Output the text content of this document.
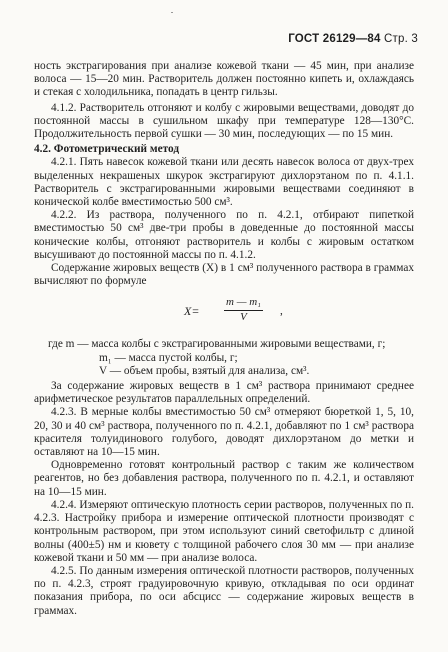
ГОСТ 26129—84 Стр. 3

ность экстрагирования при анализе кожевой ткани — 45 мин, при анализе волоса — 15—20 мин. Растворитель должен постоянно кипеть и, охлаждаясь и стекая с холодильника, попадать в центр гильзы.

4.1.2. Растворитель отгоняют и колбу с жировыми веществами, доводят до постоянной массы в сушильном шкафу при температуре 128—130°С. Продолжительность первой сушки — 30 мин, последующих — по 15 мин.

4.2. Фотометрический метод

4.2.1. Пять навесок кожевой ткани или десять навесок волоса от двух-трех выделенных некрашеных шкурок экстрагируют дихлорэтаном по п. 4.1.1. Растворитель с экстрагированными жировыми веществами соединяют в конической колбе вместимостью 500 см³.

4.2.2. Из раствора, полученного по п. 4.2.1, отбирают пипеткой вместимостью 50 см³ две-три пробы в доведенные до постоянной массы конические колбы, отгоняют растворитель и колбы с жировым остатком высушивают до постоянной массы по п. 4.1.2.

Содержание жировых веществ (X) в 1 см³ полученного раствора в граммах вычисляют по формуле

$X= \frac{\text{m — m₁}}{V}$ ,

где m — масса колбы с экстрагированными жировыми веществами, г;

m₁ — масса пустой колбы, г;

V — объем пробы, взятый для анализа, см³.

За содержание жировых веществ в 1 см³ раствора принимают среднее арифметическое результатов параллельных определений.

4.2.3. В мерные колбы вместимостью 50 см³ отмеряют бюреткой 1, 5, 10, 20, 30 и 40 см³ раствора, полученного по п. 4.2.1, добавляют по 1 см³ раствора красителя толуидинового голубого, доводят дихлорэтаном до метки и оставляют на 10—15 мин.

Одновременно готовят контрольный раствор с таким же количеством реагентов, но без добавления раствора, полученного по п. 4.2.1, и оставляют на 10—15 мин.

4.2.4. Измеряют оптическую плотность серии растворов, полученных по п. 4.2.3. Настройку прибора и измерение оптической плотности производят с контрольным раствором, при этом используют синий светофильтр с длиной волны (400±5) нм и кювету с толщиной рабочего слоя 30 мм — при анализе кожевой ткани и 50 мм — при анализе волоса.

4.2.5. По данным измерения оптической плотности растворов, полученных по п. 4.2.3, строят градуировочную кривую, откладывая по оси ординат показания прибора, по оси абсцисс — содержание жировых веществ в граммах.
